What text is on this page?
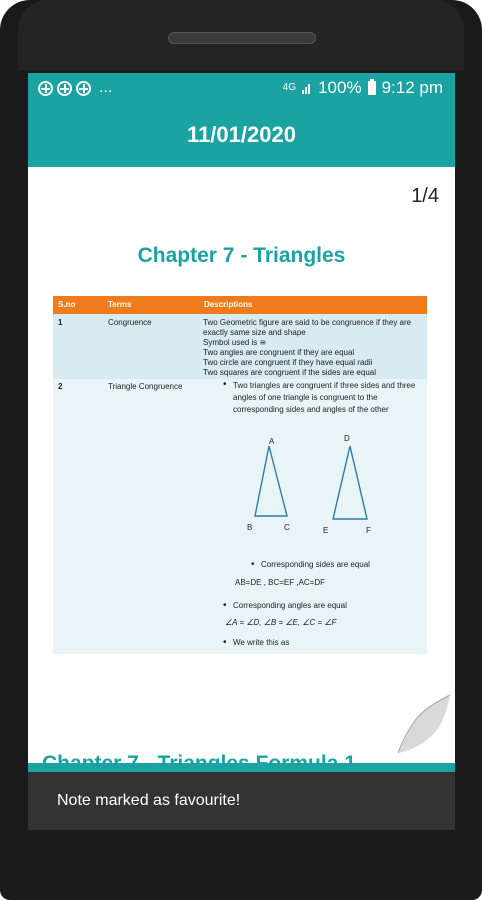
...	4G 100% 9:12 pm
11/01/2020
1/4
Chapter 7 - Triangles
S.no	Terms	Descriptions
1	Congruence	Two Geometric figure are said to be congruence if they are exactly same size and shape
Symbol used is ≅
Two angles are congruent if they are equal
Two circle are congruent if they have equal radii
Two squares are congruent if the sides are equal
2	Triangle Congruence
•	Two triangles are congruent if three sides and three angles of one triangle is congruent to the corresponding sides and angles of the other
A
B	C
D
E	F
• Corresponding sides are equal
AB=DE , BC=EF ,AC=DF
• Corresponding angles are equal
∠A = ∠D, ∠B = ∠E, ∠C = ∠F
• We write this as
Note marked as favourite!
